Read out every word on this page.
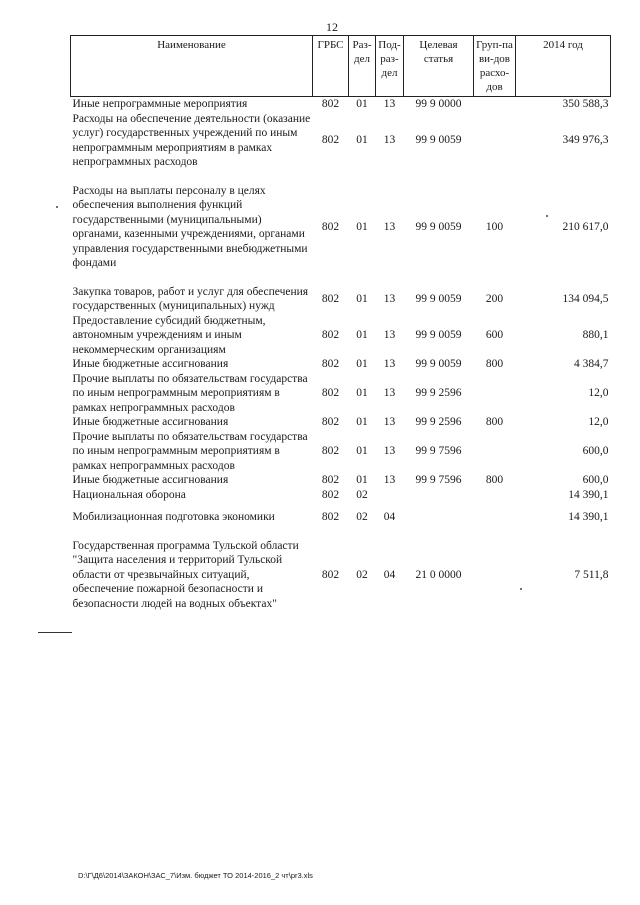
12
Наименование	ГРБС	Раз-дел	Под-раз-дел	Целевая статья	Груп-па ви-дов расхо-дов	2014 год
Иные непрограммные мероприятия	802	01	13	99 9 0000		350 588,3
Расходы на обеспечение деятельности (оказание услуг) государственных учреждений по иным непрограммным мероприятиям в рамках непрограммных расходов	802	01	13	99 9 0059		349 976,3

Расходы на выплаты персоналу в целях обеспечения выполнения функций государственными (муниципальными) органами, казенными учреждениями, органами управления государственными внебюджетными фондами	802	01	13	99 9 0059	100	210 617,0

Закупка товаров, работ и услуг для обеспечения государственных (муниципальных) нужд	802	01	13	99 9 0059	200	134 094,5
Предоставление субсидий бюджетным, автономным учреждениям и иным некоммерческим организациям	802	01	13	99 9 0059	600	880,1
Иные бюджетные ассигнования	802	01	13	99 9 0059	800	4 384,7
Прочие выплаты по обязательствам государства по иным непрограммным мероприятиям в рамках непрограммных расходов	802	01	13	99 9 2596		12,0
Иные бюджетные ассигнования	802	01	13	99 9 2596	800	12,0
Прочие выплаты по обязательствам государства по иным непрограммным мероприятиям в рамках непрограммных расходов	802	01	13	99 9 7596		600,0
Иные бюджетные ассигнования	802	01	13	99 9 7596	800	600,0
Национальная оборона	802	02				14 390,1

Мобилизационная подготовка экономики	802	02	04			14 390,1

Государственная программа Тульской области "Защита населения и территорий Тульской области от чрезвычайных ситуаций, обеспечение пожарной безопасности и безопасности людей на водных объектах"	802	02	04	21 0 0000		7 511,8
D:\Г\Д6\2014\ЗАКОН\ЗАС_7\Изм. бюджет ТО 2014-2016_2 чт\pr3.xls
